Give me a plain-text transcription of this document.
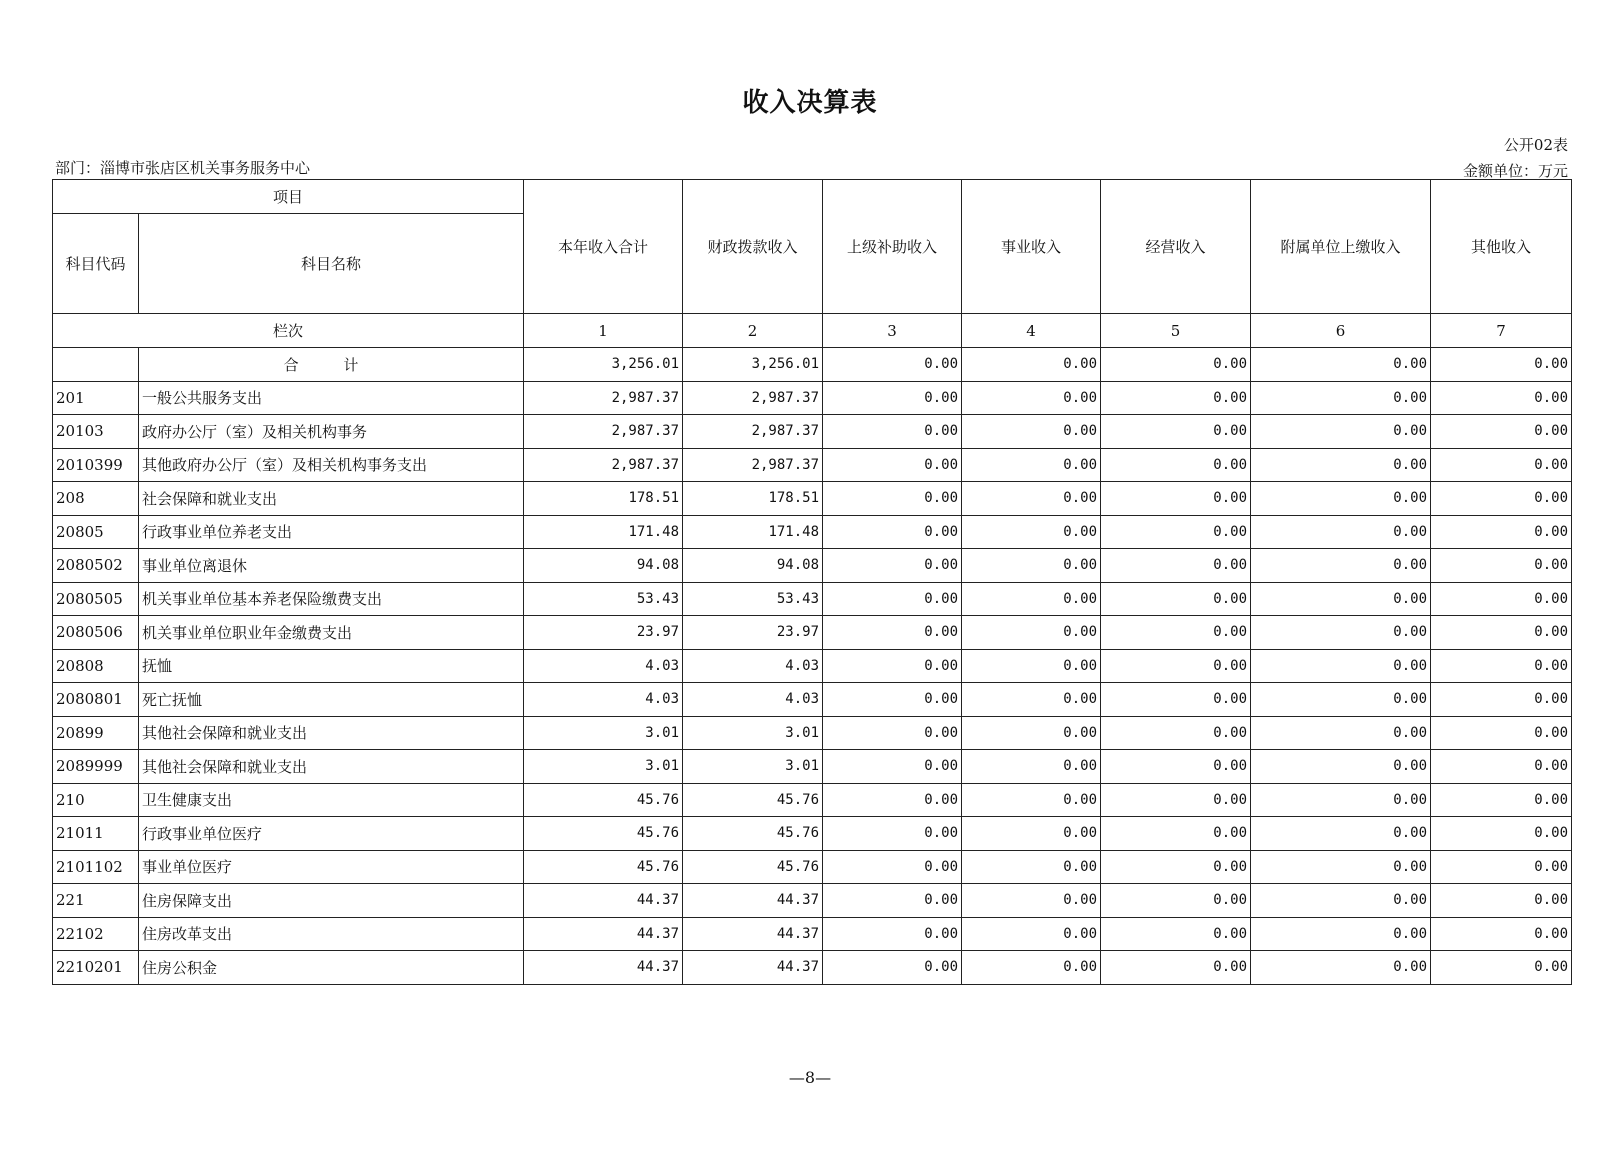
收入决算表
公开02表
部门：淄博市张店区机关事务服务中心	金额单位：万元
项目		本年收入合计	财政拨款收入	上级补助收入	事业收入	经营收入	附属单位上缴收入	其他收入
科目代码	科目名称							
栏次		1	2	3	4	5	6	7
	合 计	3,256.01	3,256.01	0.00	0.00	0.00	0.00	0.00
201	一般公共服务支出	2,987.37	2,987.37	0.00	0.00	0.00	0.00	0.00
20103	政府办公厅（室）及相关机构事务	2,987.37	2,987.37	0.00	0.00	0.00	0.00	0.00
2010399	其他政府办公厅（室）及相关机构事务支出	2,987.37	2,987.37	0.00	0.00	0.00	0.00	0.00
208	社会保障和就业支出	178.51	178.51	0.00	0.00	0.00	0.00	0.00
20805	行政事业单位养老支出	171.48	171.48	0.00	0.00	0.00	0.00	0.00
2080502	事业单位离退休	94.08	94.08	0.00	0.00	0.00	0.00	0.00
2080505	机关事业单位基本养老保险缴费支出	53.43	53.43	0.00	0.00	0.00	0.00	0.00
2080506	机关事业单位职业年金缴费支出	23.97	23.97	0.00	0.00	0.00	0.00	0.00
20808	抚恤	4.03	4.03	0.00	0.00	0.00	0.00	0.00
2080801	死亡抚恤	4.03	4.03	0.00	0.00	0.00	0.00	0.00
20899	其他社会保障和就业支出	3.01	3.01	0.00	0.00	0.00	0.00	0.00
2089999	其他社会保障和就业支出	3.01	3.01	0.00	0.00	0.00	0.00	0.00
210	卫生健康支出	45.76	45.76	0.00	0.00	0.00	0.00	0.00
21011	行政事业单位医疗	45.76	45.76	0.00	0.00	0.00	0.00	0.00
2101102	事业单位医疗	45.76	45.76	0.00	0.00	0.00	0.00	0.00
221	住房保障支出	44.37	44.37	0.00	0.00	0.00	0.00	0.00
22102	住房改革支出	44.37	44.37	0.00	0.00	0.00	0.00	0.00
2210201	住房公积金	44.37	44.37	0.00	0.00	0.00	0.00	0.00
—8—
